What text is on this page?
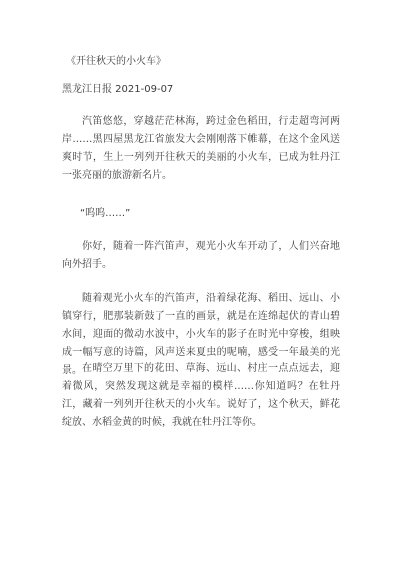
《开往秋天的小火车》
黑龙江日报 2021-09-07

汽笛悠悠，穿越茫茫林海，跨过金色稻田，行走超弯河两岸……黑四屋黑龙江省旅发大会刚刚落下帷幕，在这个金风送爽时节，生上一列列开往秋天的美丽的小火车，已成为牡丹江一张亮丽的旅游新名片。

“呜呜……”

你好，随着一阵汽笛声，观光小火车开动了，人们兴奋地向外招手。

随着观光小火车的汽笛声，沿着绿花海、稻田、远山、小镇穿行，肥那装新鼓了一直的画景，就是在连绵起伏的青山碧水间，迎面的微动水波中，小火车的影子在时光中穿梭，组映成一幅写意的诗篇，风声送来夏虫的呢喃，感受一年最美的光景。 在晴空万里下的花田、草海、远山、村庄一点点远去，迎着微风，突然发现这就是幸福的模样……你知道吗？在牡丹江，藏着一列列开往秋天的小火车。说好了，这个秋天，鲜花绽放、水稻金黄的时候，我就在牡丹江等你。
